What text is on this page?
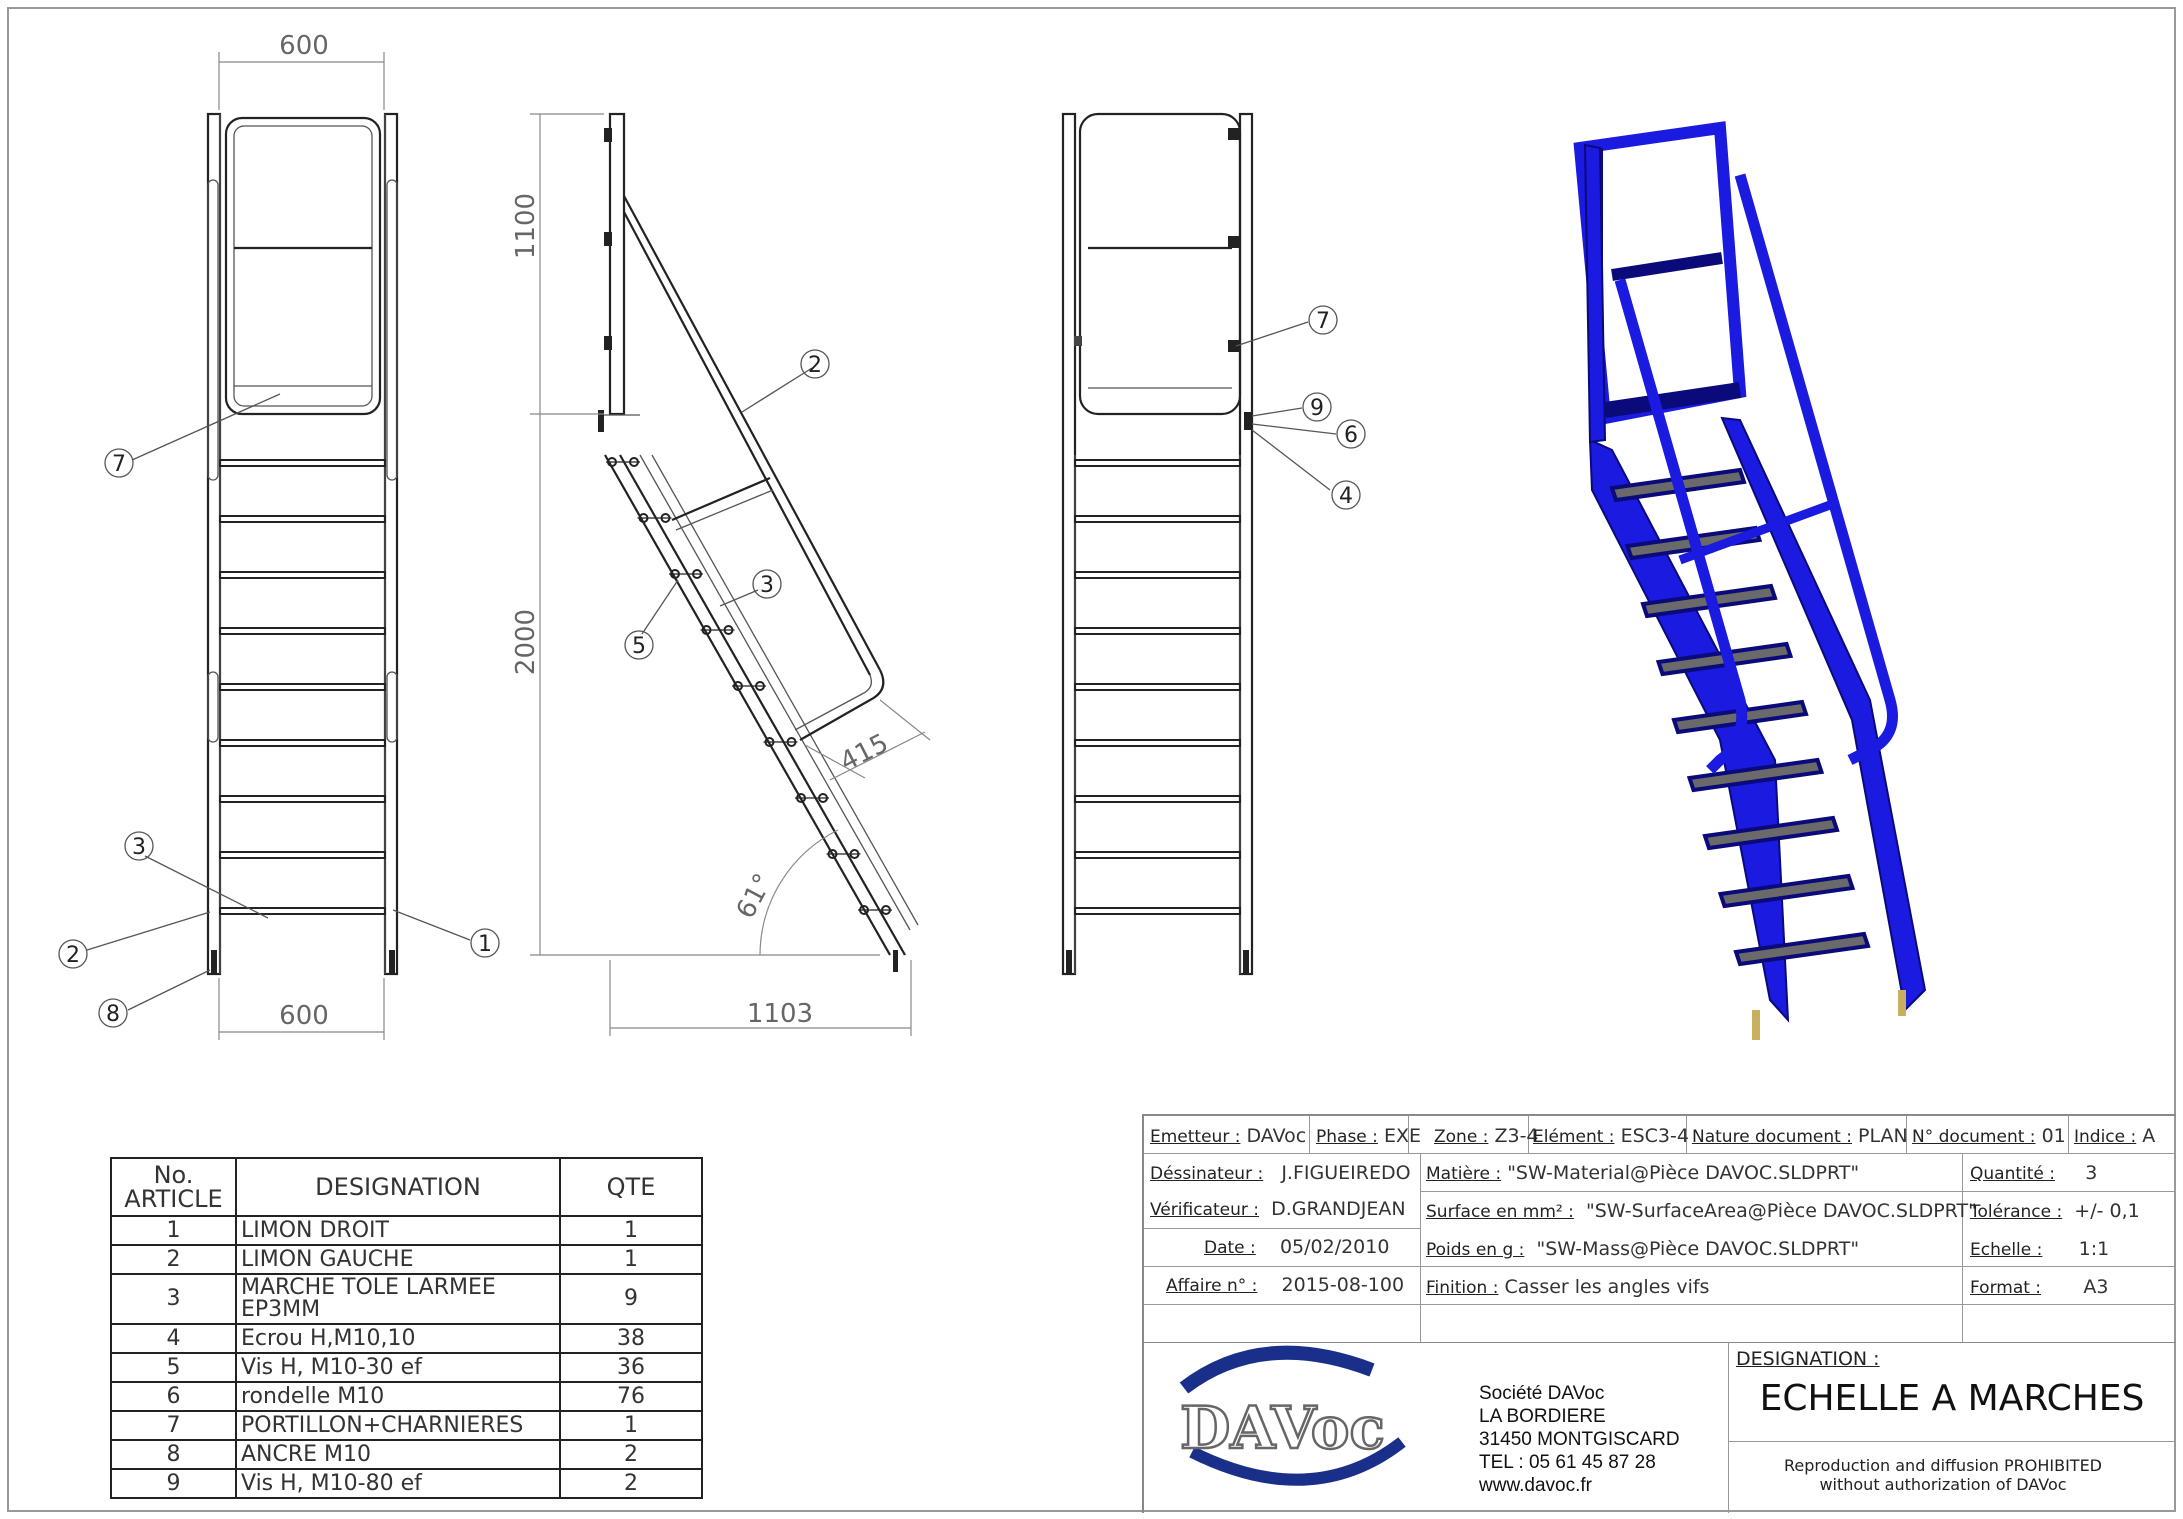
600
600
7
3
2
8
1
1100
2000
1103
415
61°
2
3
5
7
9
6
4
No. ARTICLE	DESIGNATION	QTE
1	LIMON DROIT	1
2	LIMON GAUCHE	1
3	MARCHE TOLE LARMEE EP3MM	9
4	Ecrou H,M10,10	38
5	Vis H, M10-30 ef	36
6	rondelle M10	76
7	PORTILLON+CHARNIERES	1
8	ANCRE M10	2
9	Vis H, M10-80 ef	2
Emetteur : DAVoc Phase : EXE Zone : Z3-4
Elément : ESC3-4 Nature document : PLAN N° document : 01 Indice : A
Déssinateur : J.FIGUEIREDO
Vérificateur : D.GRANDJEAN
Date : 05/02/2010
Affaire n° : 2015-08-100
Matière : "SW-Material@Pièce DAVOC.SLDPRT"
Surface en mm² : "SW-SurfaceArea@Pièce DAVOC.SLDPRT"
Poids en g : "SW-Mass@Pièce DAVOC.SLDPRT"
Finition : Casser les angles vifs
Quantité : 3
Tolérance : +/- 0,1
Echelle : 1:1
Format : A3
DAVoc
Société DAVoc
LA BORDIERE
31450 MONTGISCARD
TEL : 05 61 45 87 28
www.davoc.fr
DESIGNATION :
ECHELLE A MARCHES
Reproduction and diffusion PROHIBITED
without authorization of DAVoc
